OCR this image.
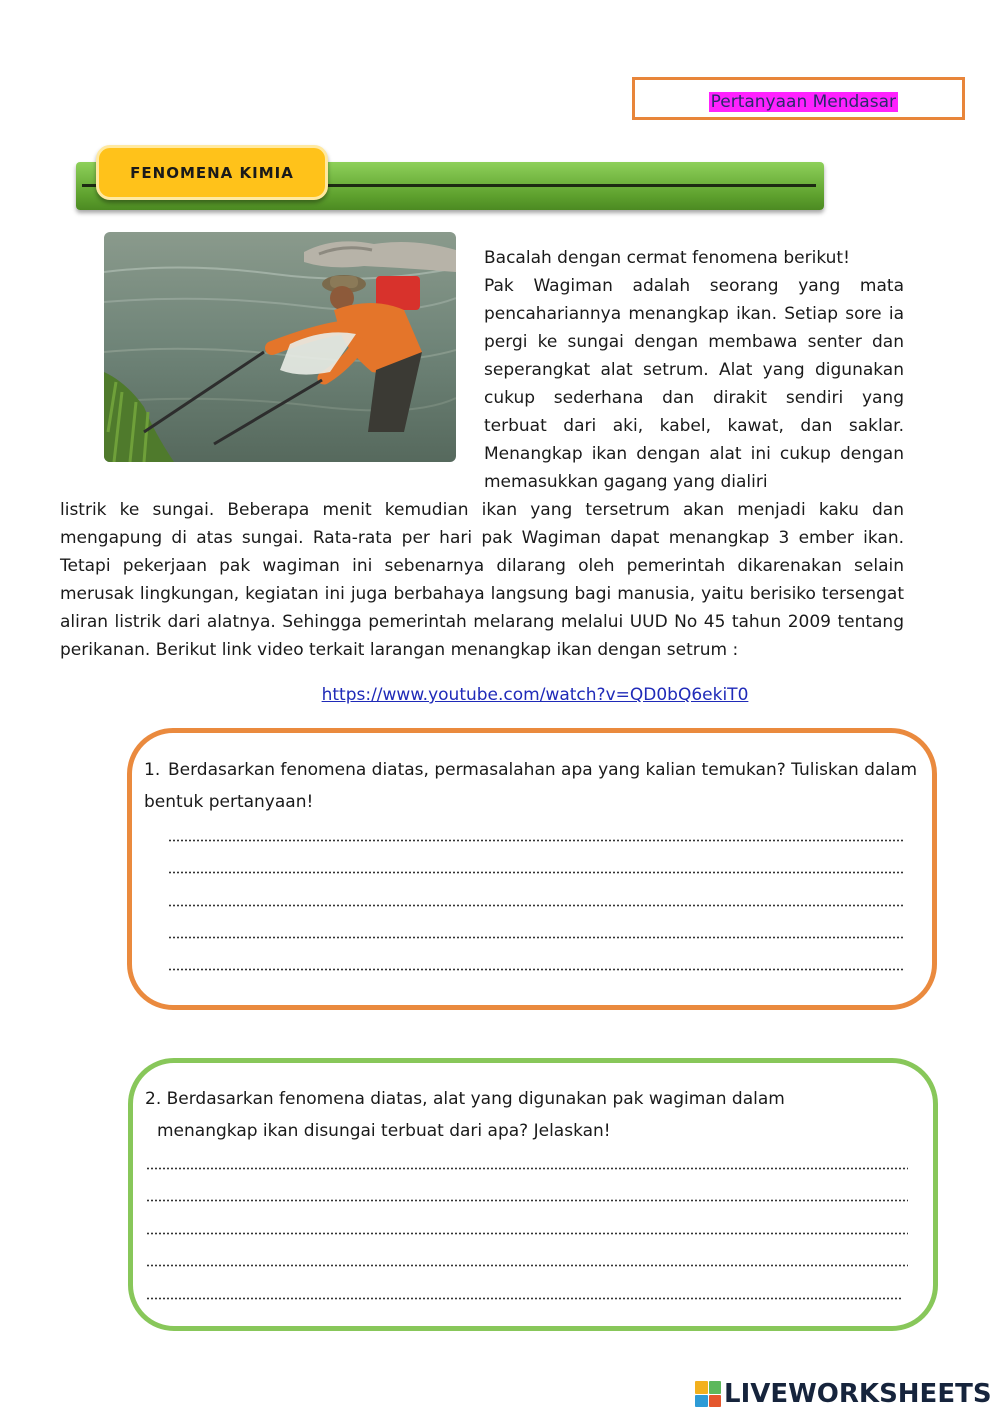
Pertanyaan Mendasar
FENOMENA KIMIA
Bacalah dengan cermat fenomena berikut!
Pak Wagiman adalah seorang yang mata pencahariannya menangkap ikan. Setiap sore ia pergi ke sungai dengan membawa senter dan seperangkat alat setrum. Alat yang digunakan cukup sederhana dan dirakit sendiri yang terbuat dari aki, kabel, kawat, dan saklar. Menangkap ikan dengan alat ini cukup dengan memasukkan gagang yang dialiri
listrik ke sungai. Beberapa menit kemudian ikan yang tersetrum akan menjadi kaku dan mengapung di atas sungai. Rata-rata per hari pak Wagiman dapat menangkap 3 ember ikan. Tetapi pekerjaan pak wagiman ini sebenarnya dilarang oleh pemerintah dikarenakan selain merusak lingkungan, kegiatan ini juga berbahaya langsung bagi manusia, yaitu berisiko tersengat aliran listrik dari alatnya. Sehingga pemerintah melarang melalui UUD No 45 tahun 2009 tentang perikanan. Berikut link video terkait larangan menangkap ikan dengan setrum :
https://www.youtube.com/watch?v=QD0bQ6ekiT0
1. Berdasarkan fenomena diatas, permasalahan apa yang kalian temukan? Tuliskan dalam bentuk pertanyaan!
2. Berdasarkan fenomena diatas, alat yang digunakan pak wagiman dalam
menangkap ikan disungai terbuat dari apa? Jelaskan!
LIVEWORKSHEETS
